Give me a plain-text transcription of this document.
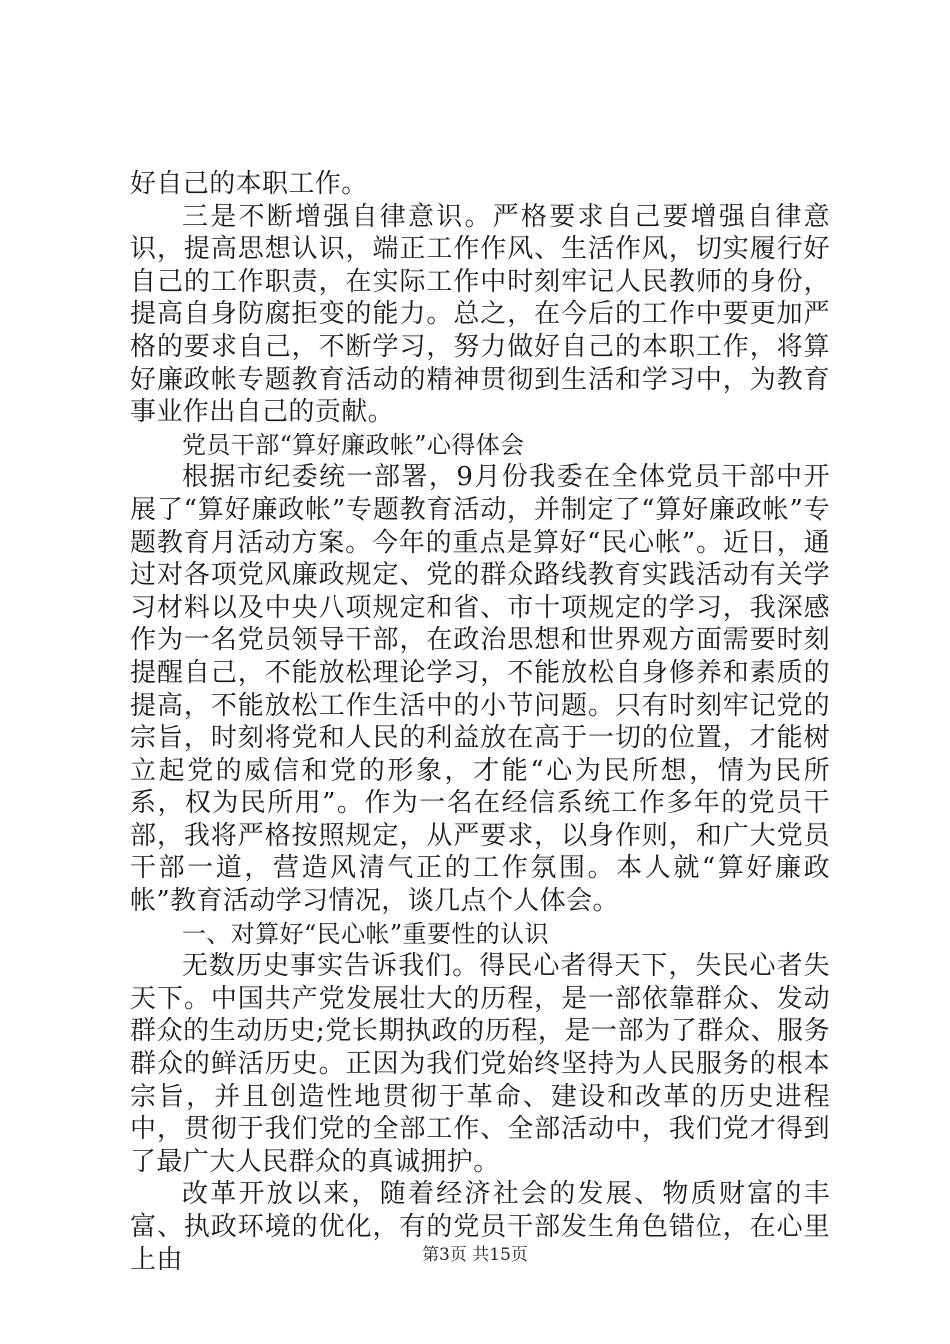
好自己的本职工作。

三是不断增强自律意识。严格要求自己要增强自律意识，提高思想认识，端正工作作风、生活作风，切实履行好自己的工作职责，在实际工作中时刻牢记人民教师的身份，提高自身防腐拒变的能力。总之，在今后的工作中要更加严格的要求自己，不断学习，努力做好自己的本职工作，将算好廉政帐专题教育活动的精神贯彻到生活和学习中，为教育事业作出自己的贡献。

党员干部“算好廉政帐”心得体会

根据市纪委统一部署，9月份我委在全体党员干部中开展了“算好廉政帐”专题教育活动，并制定了“算好廉政帐”专题教育月活动方案。今年的重点是算好“民心帐”。近日，通过对各项党风廉政规定、党的群众路线教育实践活动有关学习材料以及中央八项规定和省、市十项规定的学习，我深感作为一名党员领导干部，在政治思想和世界观方面需要时刻提醒自己，不能放松理论学习，不能放松自身修养和素质的提高，不能放松工作生活中的小节问题。只有时刻牢记党的宗旨，时刻将党和人民的利益放在高于一切的位置，才能树立起党的威信和党的形象，才能“心为民所想，情为民所系，权为民所用”。作为一名在经信系统工作多年的党员干部，我将严格按照规定，从严要求，以身作则，和广大党员干部一道，营造风清气正的工作氛围。本人就“算好廉政帐”教育活动学习情况，谈几点个人体会。

一、对算好“民心帐”重要性的认识

无数历史事实告诉我们。得民心者得天下，失民心者失天下。中国共产党发展壮大的历程，是一部依靠群众、发动群众的生动历史;党长期执政的历程，是一部为了群众、服务群众的鲜活历史。正因为我们党始终坚持为人民服务的根本宗旨，并且创造性地贯彻于革命、建设和改革的历史进程中，贯彻于我们党的全部工作、全部活动中，我们党才得到了最广大人民群众的真诚拥护。

改革开放以来，随着经济社会的发展、物质财富的丰富、执政环境的优化，有的党员干部发生角色错位，在心里上由	第3页 共15页
